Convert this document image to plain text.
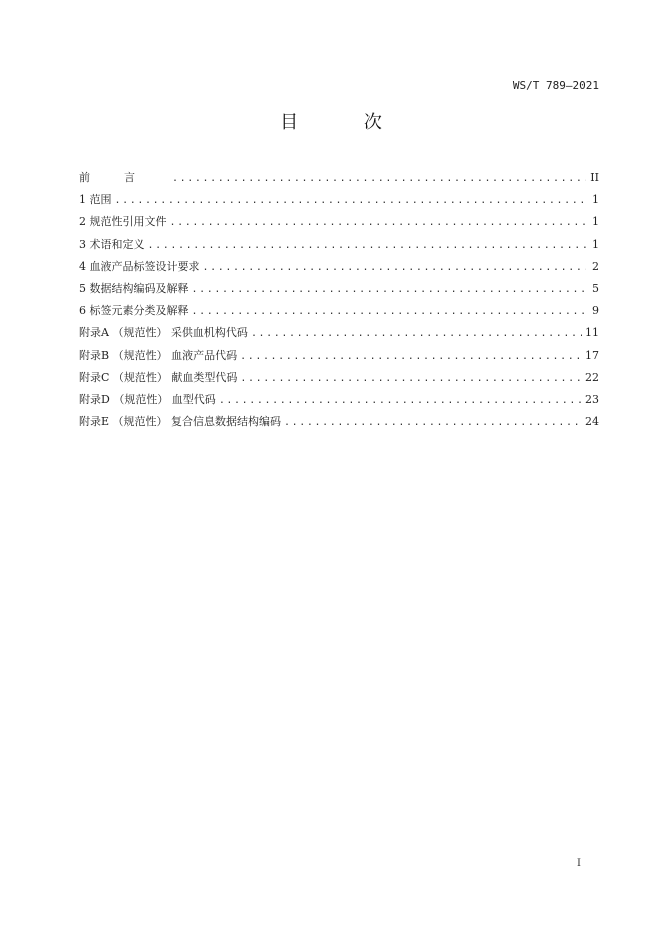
WS/T 789—2021
目 次
前言 .....	II
1 范围 .....	1
2 规范性引用文件 .....	1
3 术语和定义 .....	1
4 血液产品标签设计要求 .....	2
5 数据结构编码及解释 .....	5
6 标签元素分类及解释 .....	9
附录A （规范性） 采供血机构代码 .....	11
附录B （规范性） 血液产品代码 .....	17
附录C （规范性） 献血类型代码 .....	22
附录D （规范性） 血型代码 .....	23
附录E （规范性） 复合信息数据结构编码 .....	24
I
